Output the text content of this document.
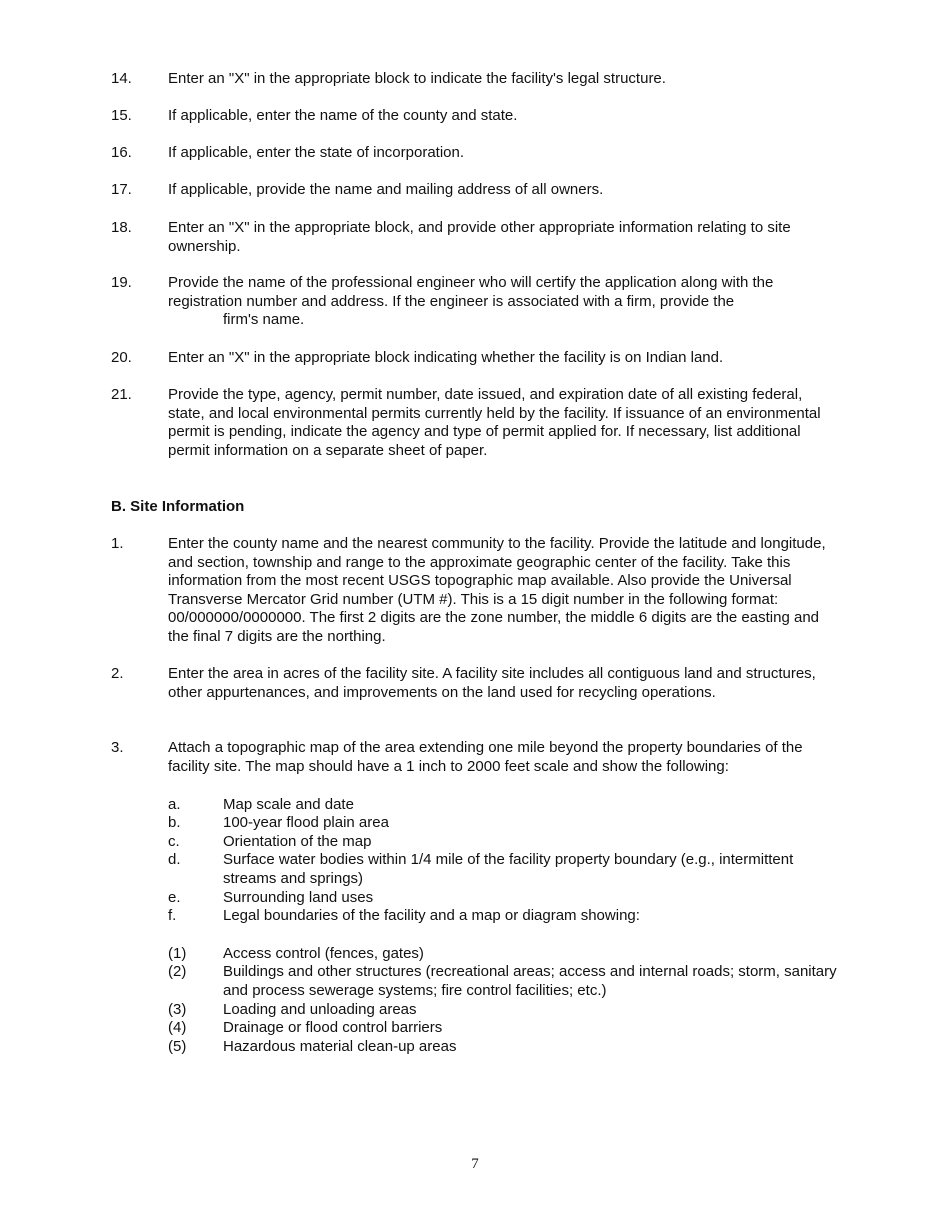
14.	Enter an "X" in the appropriate block to indicate the facility's legal structure.
15.	If applicable, enter the name of the county and state.
16.	If applicable, enter the state of incorporation.
17.	If applicable, provide the name and mailing address of all owners.
18.	Enter an "X" in the appropriate block, and provide other appropriate information relating to site ownership.
19.	Provide the name of the professional engineer who will certify the application along with the registration number and address. If the engineer is associated with a firm, provide the
firm's name.
20.	Enter an "X" in the appropriate block indicating whether the facility is on Indian land.
21.	Provide the type, agency, permit number, date issued, and expiration date of all existing federal, state, and local environmental permits currently held by the facility. If issuance of an environmental permit is pending, indicate the agency and type of permit applied for. If necessary, list additional permit information on a separate sheet of paper.
B. Site Information
1.	Enter the county name and the nearest community to the facility. Provide the latitude and longitude, and section, township and range to the approximate geographic center of the facility. Take this information from the most recent USGS topographic map available. Also provide the Universal Transverse Mercator Grid number (UTM #). This is a 15 digit number in the following format: 00/000000/0000000. The first 2 digits are the zone number, the middle 6 digits are the easting and the final 7 digits are the northing.
2.	Enter the area in acres of the facility site. A facility site includes all contiguous land and structures, other appurtenances, and improvements on the land used for recycling operations.
3.	Attach a topographic map of the area extending one mile beyond the property boundaries of the facility site. The map should have a 1 inch to 2000 feet scale and show the following:
a.	Map scale and date
b.	100-year flood plain area
c.	Orientation of the map
d.	Surface water bodies within 1/4 mile of the facility property boundary (e.g., intermittent streams and springs)
e.	Surrounding land uses
f.	Legal boundaries of the facility and a map or diagram showing:
(1)	Access control (fences, gates)
(2)	Buildings and other structures (recreational areas; access and internal roads; storm, sanitary and process sewerage systems; fire control facilities; etc.)
(3)	Loading and unloading areas
(4)	Drainage or flood control barriers
(5)	Hazardous material clean-up areas
7
